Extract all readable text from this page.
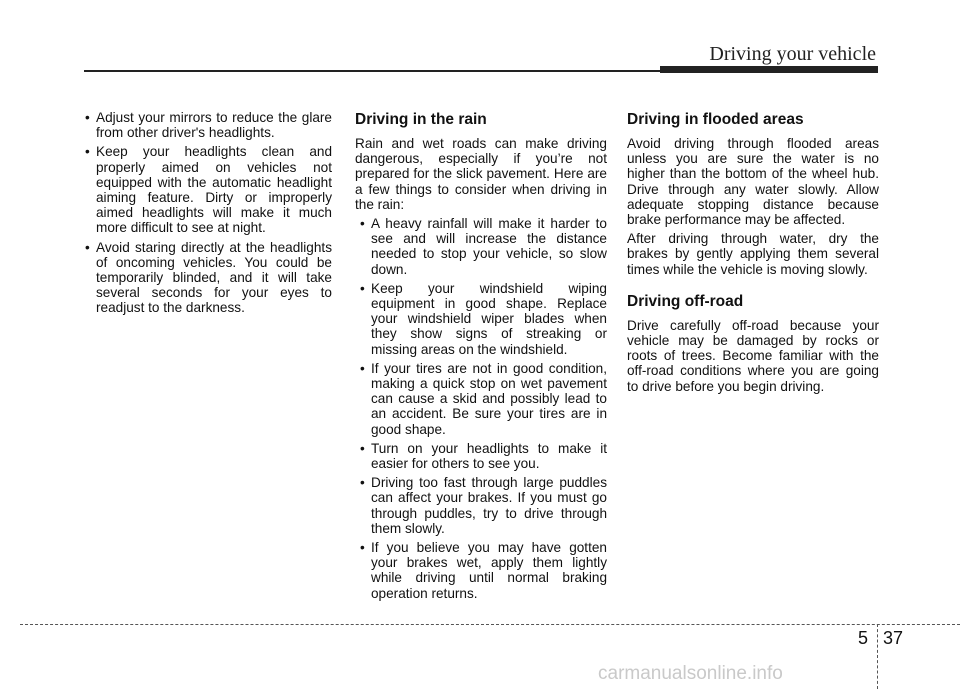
Driving your vehicle
• Adjust your mirrors to reduce the glare from other driver's headlights.
• Keep your headlights clean and properly aimed on vehicles not equipped with the automatic headlight aiming feature. Dirty or improperly aimed headlights will make it much more difficult to see at night.
• Avoid staring directly at the headlights of oncoming vehicles. You could be temporarily blinded, and it will take several seconds for your eyes to readjust to the darkness.
Driving in the rain

Rain and wet roads can make driving dangerous, especially if you’re not prepared for the slick pavement. Here are a few things to consider when driving in the rain:

• A heavy rainfall will make it harder to see and will increase the distance needed to stop your vehicle, so slow down.
• Keep your windshield wiping equipment in good shape. Replace your windshield wiper blades when they show signs of streaking or missing areas on the windshield.
• If your tires are not in good condition, making a quick stop on wet pavement can cause a skid and possibly lead to an accident. Be sure your tires are in good shape.
• Turn on your headlights to make it easier for others to see you.
• Driving too fast through large puddles can affect your brakes. If you must go through puddles, try to drive through them slowly.
• If you believe you may have gotten your brakes wet, apply them lightly while driving until normal braking operation returns.
Driving in flooded areas

Avoid driving through flooded areas unless you are sure the water is no higher than the bottom of the wheel hub. Drive through any water slowly. Allow adequate stopping distance because brake performance may be affected.

After driving through water, dry the brakes by gently applying them several times while the vehicle is moving slowly.

Driving off-road

Drive carefully off-road because your vehicle may be damaged by rocks or roots of trees. Become familiar with the off-road conditions where you are going to drive before you begin driving.

5 37
carmanualsonline.info
